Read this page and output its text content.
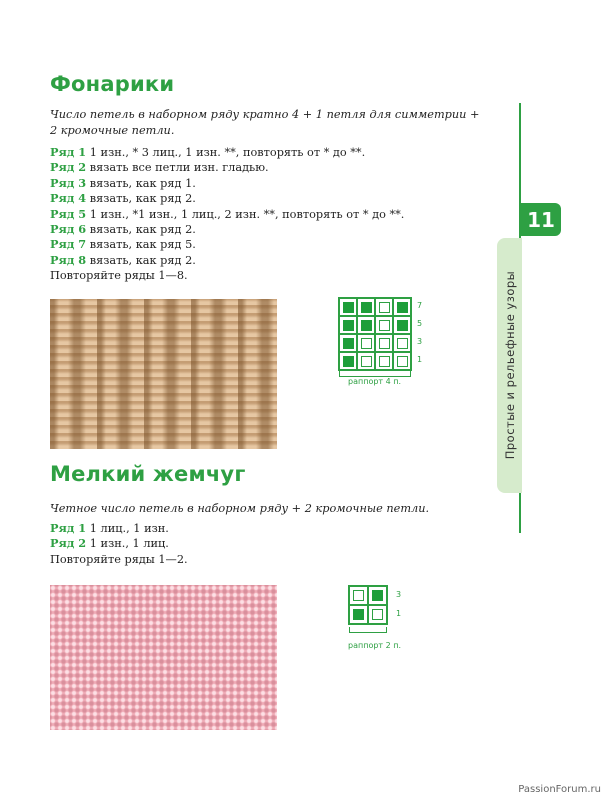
Фонарики

Число петель в наборном ряду кратно 4 + 1 петля для симметрии + 2 кромочные петли.

Ряд 1 1 изн., * 3 лиц., 1 изн. **, повторять от * до **.
Ряд 2 вязать все петли изн. гладью.
Ряд 3 вязать, как ряд 1.
Ряд 4 вязать, как ряд 2.
Ряд 5 1 изн., *1 изн., 1 лиц., 2 изн. **, повторять от * до **.
Ряд 6 вязать, как ряд 2.
Ряд 7 вязать, как ряд 5.
Ряд 8 вязать, как ряд 2.
Повторяйте ряды 1—8.
7
5
3
1
раппорт 4 п.
Мелкий жемчуг

Четное число петель в наборном ряду + 2 кромочные петли.

Ряд 1 1 лиц., 1 изн.
Ряд 2 1 изн., 1 лиц.
Повторяйте ряды 1—2.
3
1
раппорт 2 п.
Простые и рельефные узоры
11
PassionForum.ru
